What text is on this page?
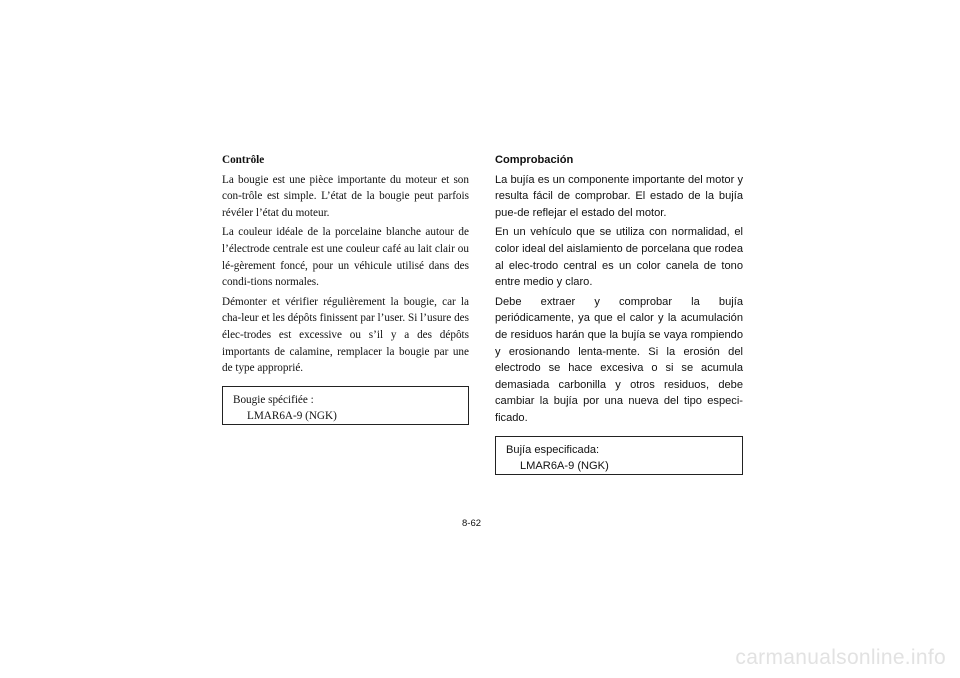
Contrôle

La bougie est une pièce importante du moteur et son con-trôle est simple. L’état de la bougie peut parfois révéler l’état du moteur.

La couleur idéale de la porcelaine blanche autour de l’électrode centrale est une couleur café au lait clair ou lé-gèrement foncé, pour un véhicule utilisé dans des condi-tions normales.

Démonter et vérifier régulièrement la bougie, car la cha-leur et les dépôts finissent par l’user. Si l’usure des élec-trodes est excessive ou s’il y a des dépôts importants de calamine, remplacer la bougie par une de type approprié.

Bougie spécifiée :
LMAR6A-9 (NGK)
Comprobación

La bujía es un componente importante del motor y resulta fácil de comprobar. El estado de la bujía pue-de reflejar el estado del motor.

En un vehículo que se utiliza con normalidad, el color ideal del aislamiento de porcelana que rodea al elec-trodo central es un color canela de tono entre medio y claro.

Debe extraer y comprobar la bujía periódicamente, ya que el calor y la acumulación de residuos harán que la bujía se vaya rompiendo y erosionando lenta-mente. Si la erosión del electrodo se hace excesiva o si se acumula demasiada carbonilla y otros residuos, debe cambiar la bujía por una nueva del tipo especi-ficado.

Bujía especificada:
LMAR6A-9 (NGK)
8-62
carmanualsonline.info
